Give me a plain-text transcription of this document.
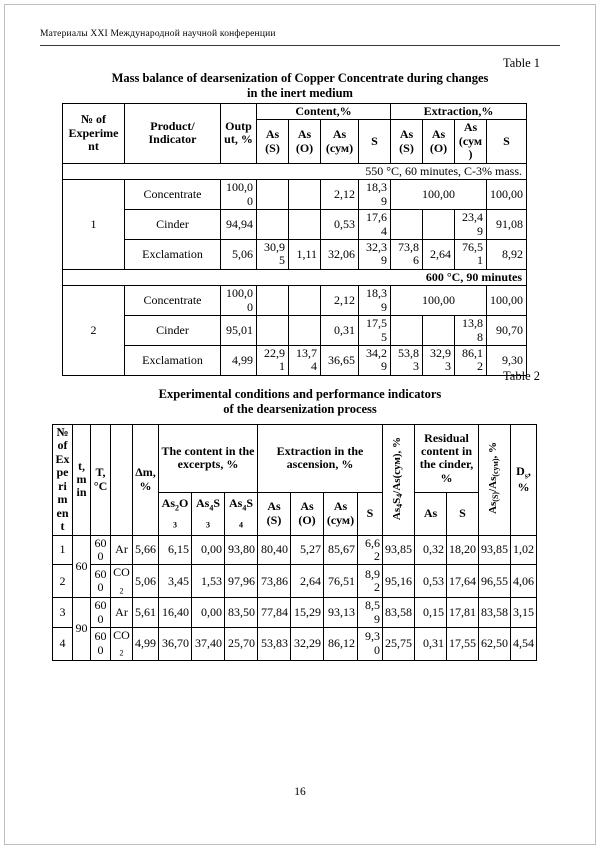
Материалы XXI Международной научной конференции
Table 1
Mass balance of dearsenization of Copper Concentrate during changes
in the inert medium
№ of Experiment	Product/ Indicator	Output, %	Content,%				Extraction,%			
			As (S)	As (O)	As (сум)	S	As (S)	As (O)	As (сум)	S
550 °C, 60 minutes, C-3% mass.										
1	Concentrate	100,00			2,12	18,39	100,00			100,00
	Cinder	94,94			0,53	17,64			23,49	91,08
	Exclamation	5,06	30,95	1,11	32,06	32,39	73,86	2,64	76,51	8,92
600 °C, 90 minutes										
2	Concentrate	100,00			2,12	18,39	100,00			100,00
	Cinder	95,01			0,31	17,55			13,88	90,70
	Exclamation	4,99	22,91	13,74	36,65	34,29	53,83	32,93	86,12	9,30
Table 2
Experimental conditions and performance indicators
of the dearsenization process
№ of Experiment	t, min	T, °C		Δm, %	The content in the excerpts, %			Extraction in the ascension, %				$As_4S_4/As(сум)$, %	Residual content in the cinder, %		$As_{(S)}/As_{(сум)}$, %	$D_s$, %
					$As_2O_3$	$As_4S_3$	$As_4S_4$	As (S)	As (O)	As (сум)	S		As	S		
1	60	600	Ar	5,66	6,15	0,00	93,80	80,40	5,27	85,67	6,62	93,85	0,32	18,20	93,85	1,02
2		600	$CO_2$	5,06	3,45	1,53	97,96	73,86	2,64	76,51	8,92	95,16	0,53	17,64	96,55	4,06
3	90	600	Ar	5,61	16,40	0,00	83,50	77,84	15,29	93,13	8,59	83,58	0,15	17,81	83,58	3,15
4		600	$CO_2$	4,99	36,70	37,40	25,70	53,83	32,29	86,12	9,30	25,75	0,31	17,55	62,50	4,54
16
